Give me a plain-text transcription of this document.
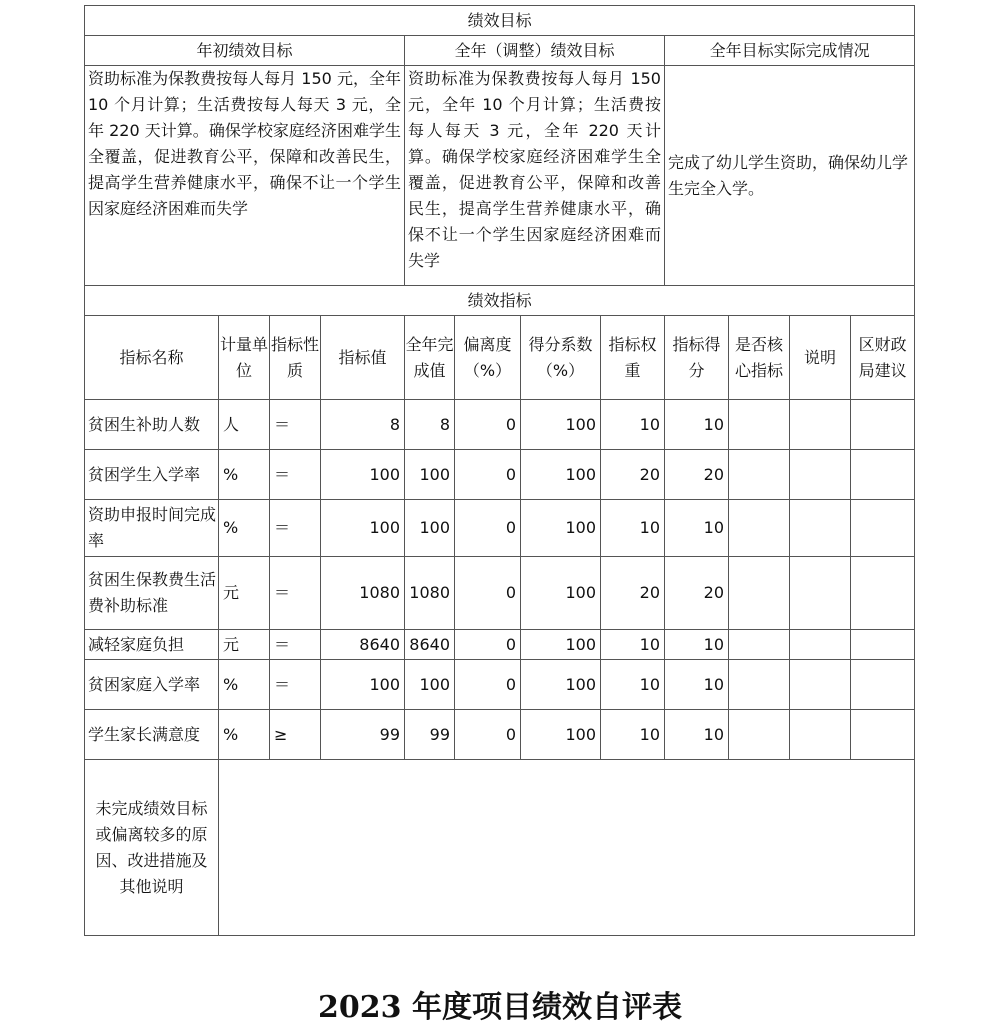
绩效目标											
年初绩效目标				全年（调整）绩效目标				全年目标实际完成情况			
资助标准为保教费按每人每月 150 元，全年 10 个月计算；生活费按每人每天 3 元，全年 220 天计算。确保学校家庭经济困难学生全覆盖，促进教育公平，保障和改善民生，提高学生营养健康水平，确保不让一个学生因家庭经济困难而失学				资助标准为保教费按每人每月 150 元，全年 10 个月计算；生活费按每人每天 3 元，全年 220 天计算。确保学校家庭经济困难学生全覆盖，促进教育公平，保障和改善民生，提高学生营养健康水平，确保不让一个学生因家庭经济困难而失学				完成了幼儿学生资助，确保幼儿学生完全入学。			
绩效指标											
指标名称	计量单位	指标性质	指标值	全年完成值	偏离度（%）	得分系数（%）	指标权重	指标得分	是否核心指标	说明	区财政局建议
贫困生补助人数	人	＝	8	8	0	100	10	10			
贫困学生入学率	%	＝	100	100	0	100	20	20			
资助申报时间完成率	%	＝	100	100	0	100	10	10			
贫困生保教费生活费补助标准	元	＝	1080	1080	0	100	20	20			
减轻家庭负担	元	＝	8640	8640	0	100	10	10			
贫困家庭入学率	%	＝	100	100	0	100	10	10			
学生家长满意度	%	≥	99	99	0	100	10	10			
未完成绩效目标或偏离较多的原因、改进措施及其他说明											
2023 年度项目绩效自评表
